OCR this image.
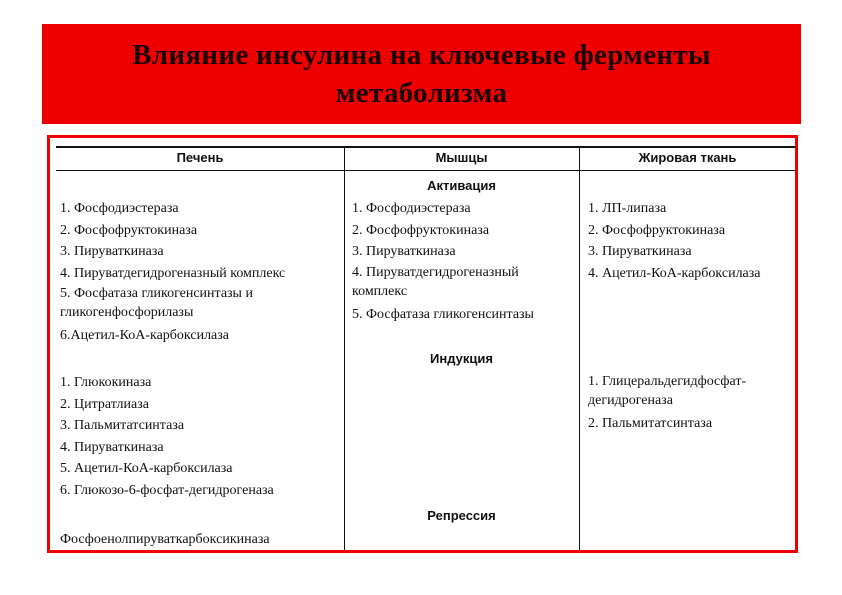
Влияние инсулина на ключевые ферменты
метаболизма
Печень	Мышцы	Жировая ткань
Активация
1. Фосфодиэстераза
2. Фосфофруктокиназа
3. Пируваткиназа
4. Пируватдегидрогеназный комплекс
5. Фосфатаза гликогенсинтазы и гликогенфосфорилазы
6.Ацетил-КоА-карбоксилаза
1. Фосфодиэстераза
2. Фосфофруктокиназа
3. Пируваткиназа
4. Пируватдегидрогеназный комплекс
5. Фосфатаза гликогенсинтазы
1. ЛП-липаза
2. Фосфофруктокиназа
3. Пируваткиназа
4. Ацетил-КоА-карбоксилаза
Индукция
1. Глюкокиназа
2. Цитратлиаза
3. Пальмитатсинтаза
4. Пируваткиназа
5. Ацетил-КоА-карбоксилаза
6. Глюкозо-6-фосфат-дегидрогеназа
1. Глицеральдегидфосфат-дегидрогеназа
2. Пальмитатсинтаза
Репрессия
Фосфоенолпируваткарбоксикиназа
